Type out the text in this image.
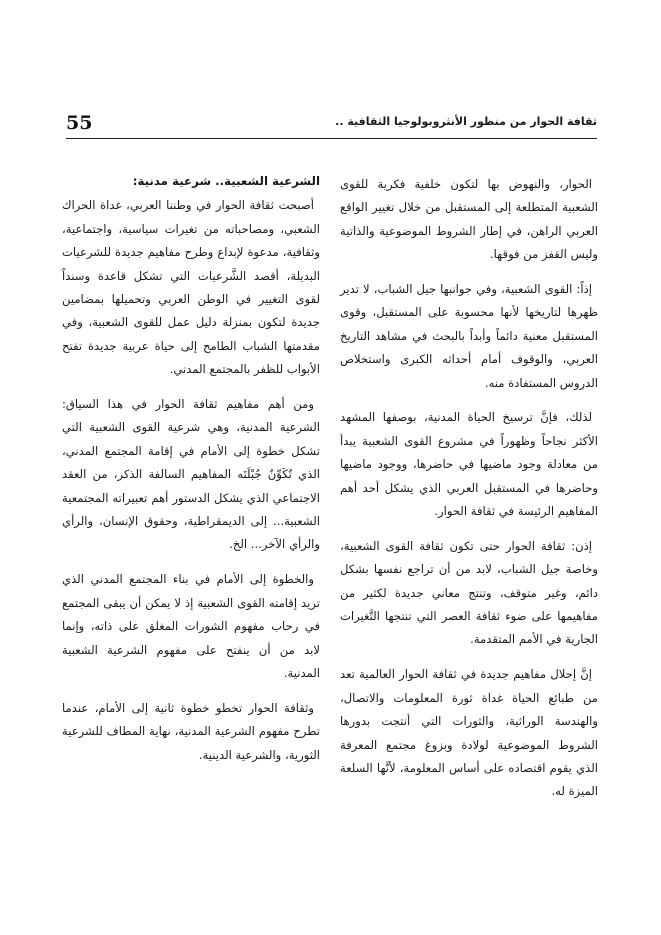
55	ثقافة الحوار من منظور الأنثروبولوجيا الثقافية ..

الحوار، والنهوض بها لتكون خلفية فكرية للقوى الشعبية المتطلعة إلى المستقبل من خلال تغيير الواقع العربي الراهن، في إطار الشروط الموضوعية والذاتية وليس القفز من فوقها.

إذاً: القوى الشعبية، وفي جوانبها جيل الشباب، لا تدير ظهرها لتاريخها لأنها محسوبة على المستقبل، وقوى المستقبل معنية دائماً وأبداً بالبحث في مشاهد التاريخ العربي، والوقوف أمام أحداثه الكبرى واستخلاص الدروس المستفادة منه.

لذلك، فإنَّ ترسيخ الحياة المدنية، بوصفها المشهد الأكثر نجاحاً وظهوراً في مشروع القوى الشعبية يبدأ من معادلة وجود ماضيها في حاضرها، ووجود ماضيها وحاضرها في المستقبل العربي الذي يشكل أحد أهم المفاهيم الرئيسة في ثقافة الحوار.

إذن: ثقافة الحوار حتى تكون ثقافة القوى الشعبية، وخاصة جيل الشباب، لابد من أن تراجع نفسها بشكل دائم، وغير متوقف، وتنتج معاني جديدة لكثير من مفاهيمها على ضوء ثقافة العصر التي تنتجها التَّغيرات الجارية في الأمم المتقدمة.

إنَّ إحلال مفاهيم جديدة في ثقافة الحوار العالمية تعد من طبائع الحياة غداة ثورة المعلومات والاتصال، والهندسة الوراثية، والثورات التي أنتجت بدورها الشروط الموضوعية لولادة وبزوغ مجتمع المعرفة الذي يقوم اقتصاده على أساس المعلومة، لأنَّها السلعة الميزة له.

الشرعية الشعبية.. شرعية مدنية:

أصبحت ثقافة الحوار في وطننا العربي، غداة الحراك الشعبي، ومصاحباته من تغيرات سياسية، واجتماعية، وثقافية، مدعوة لإبداع وطرح مفاهيم جديدة للشرعيات البديلة، أقصد الشَّرعيات التي تشكل قاعدة وسنداً لقوى التغيير في الوطن العربي وتحميلها بمضامين جديدة لتكون بمنزلة دليل عمل للقوى الشعبية، وفي مقدمتها الشباب الطامح إلى حياة عربية جديدة تفتح الأبواب للظفر بالمجتمع المدني.

ومن أهم مفاهيم ثقافة الحوار في هذا السياق: الشرعية المدنية، وهي شرعية القوى الشعبية التي تشكل خطوة إلى الأمام في إقامة المجتمع المدني، الذي تُكَوِّنُ جُبْلَتَه المفاهيم السالفة الذكر، من العقد الاجتماعي الذي يشكل الدستور أهم تعبيراته المجتمعية الشعبية... إلى الديمقراطية، وحقوق الإنسان، والرأي والرأي الآخر... الخ.

والخطوة إلى الأمام في بناء المجتمع المدني الذي تريد إقامته القوى الشعبية إذ لا يمكن أن يبقى المجتمع في رحاب مفهوم الشورات المغلق على ذاته، وإنما لابد من أن ينفتح على مفهوم الشرعية الشعبية المدنية.

وثقافة الحوار تخطو خطوة ثانية إلى الأمام، عندما تطرح مفهوم الشرعية المدنية، نهاية المطاف للشرعية الثورية، والشرعية الدينية.
